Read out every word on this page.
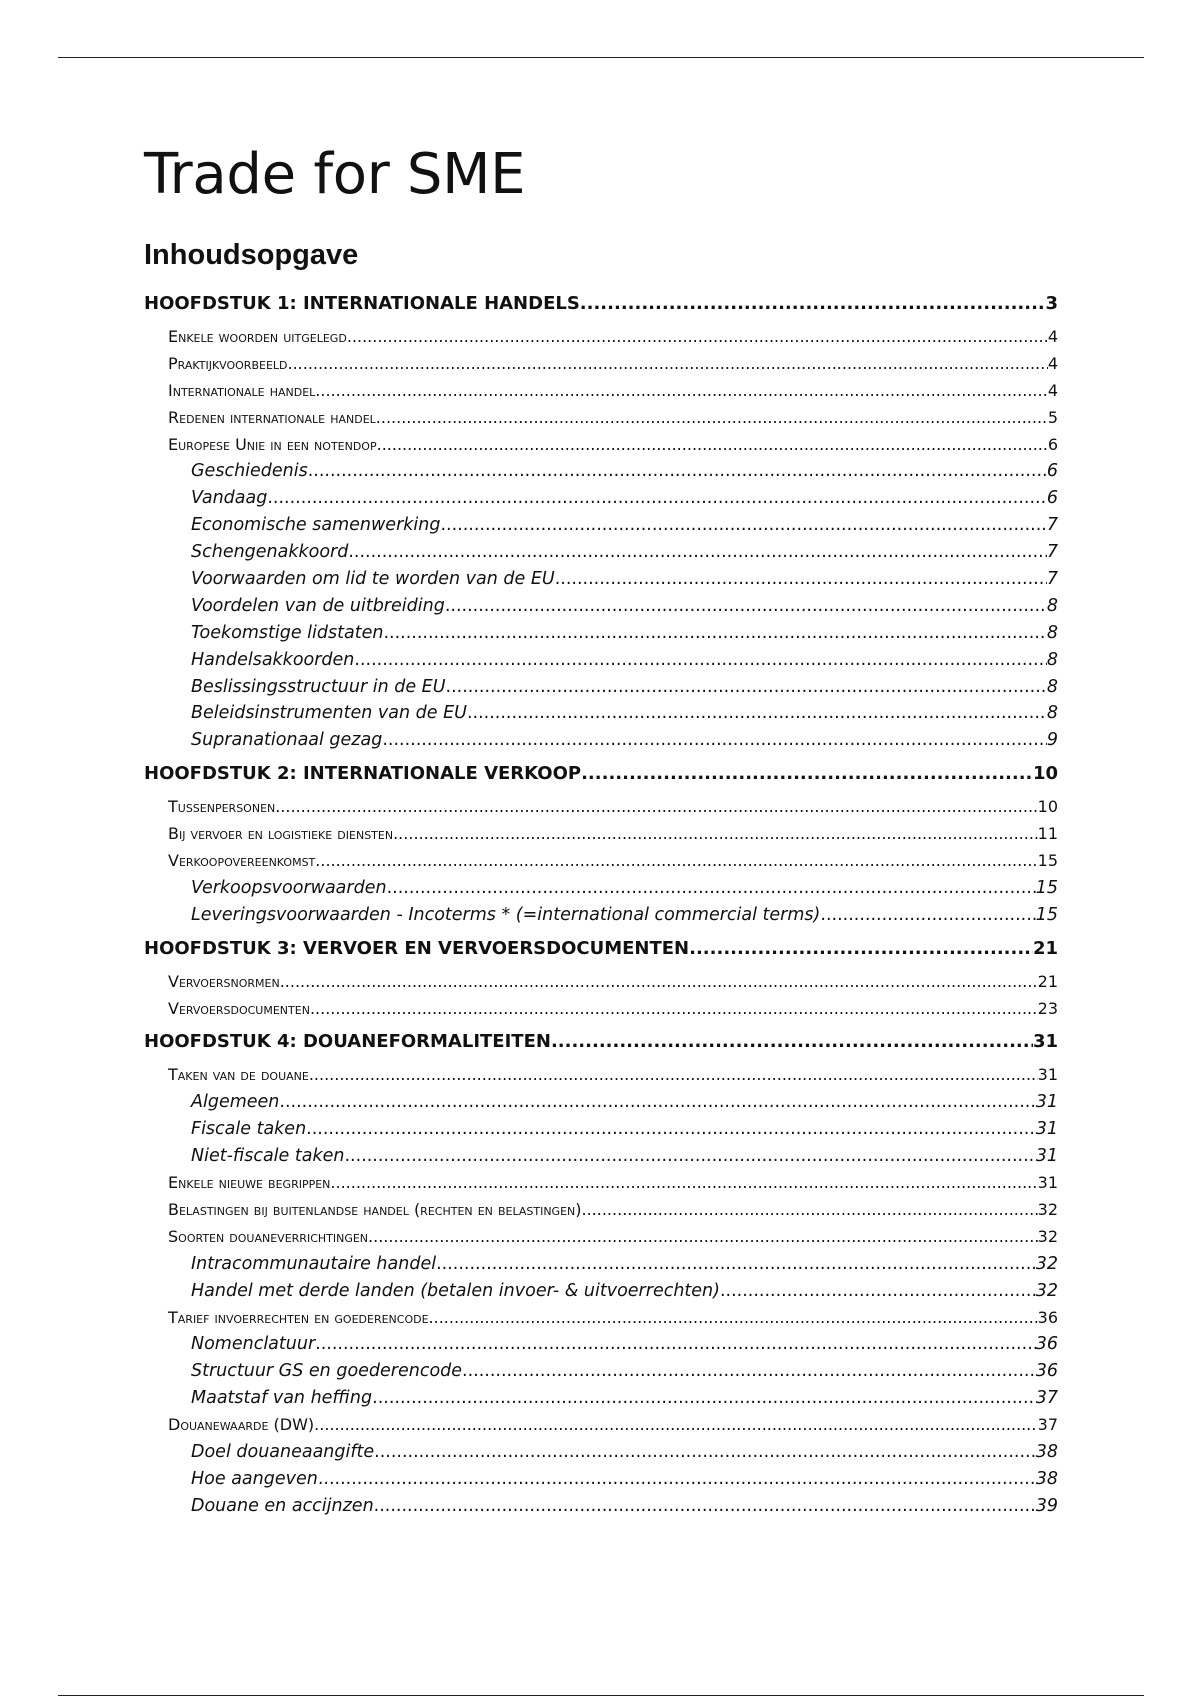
Trade for SME
Inhoudsopgave
HOOFDSTUK 1: INTERNATIONALE HANDELS .....	3
Enkele woorden uitgelegd .....	4
Praktijkvoorbeeld .....	4
Internationale handel .....	4
Redenen internationale handel .....	5
Europese Unie in een notendop .....	6
Geschiedenis .....	6
Vandaag .....	6
Economische samenwerking .....	7
Schengenakkoord .....	7
Voorwaarden om lid te worden van de EU .....	7
Voordelen van de uitbreiding .....	8
Toekomstige lidstaten .....	8
Handelsakkoorden .....	8
Beslissingsstructuur in de EU .....	8
Beleidsinstrumenten van de EU .....	8
Supranationaal gezag .....	9
HOOFDSTUK 2: INTERNATIONALE VERKOOP .....	10
Tussenpersonen .....	10
Bij vervoer en logistieke diensten .....	11
Verkoopovereenkomst .....	15
Verkoopsvoorwaarden .....	15
Leveringsvoorwaarden - Incoterms * (=international commercial terms) .....	15
HOOFDSTUK 3: VERVOER EN VERVOERSDOCUMENTEN .....	21
Vervoersnormen .....	21
Vervoersdocumenten .....	23
HOOFDSTUK 4: DOUANEFORMALITEITEN .....	31
Taken van de douane .....	31
Algemeen .....	31
Fiscale taken .....	31
Niet-fiscale taken .....	31
Enkele nieuwe begrippen .....	31
Belastingen bij buitenlandse handel (rechten en belastingen) .....	32
Soorten douaneverrichtingen .....	32
Intracommunautaire handel .....	32
Handel met derde landen (betalen invoer- & uitvoerrechten) .....	32
Tarief invoerrechten en goederencode .....	36
Nomenclatuur .....	36
Structuur GS en goederencode .....	36
Maatstaf van heffing .....	37
Douanewaarde (DW) .....	37
Doel douaneaangifte .....	38
Hoe aangeven .....	38
Douane en accijnzen .....	39
